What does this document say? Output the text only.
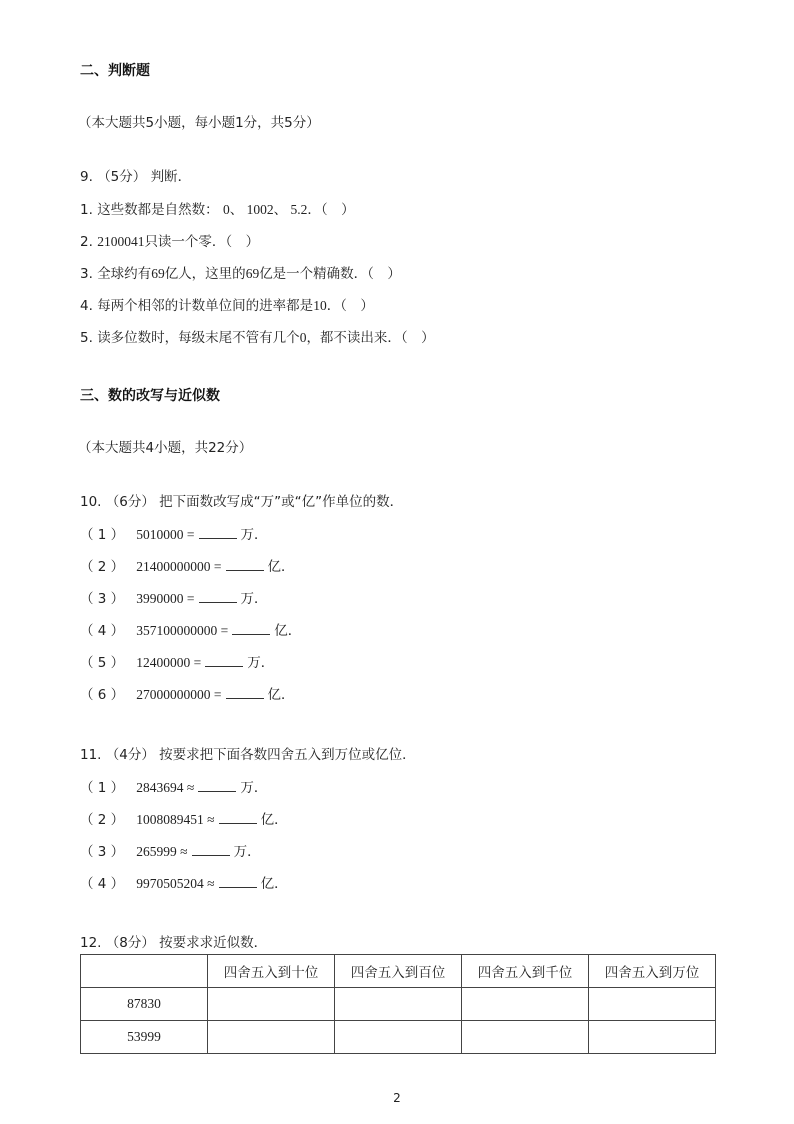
二、判断题
（本大题共5小题，每小题1分，共5分）
9. （5分） 判断．
1. 这些数都是自然数： 0、 1002、 5.2．（　）
2. 2100041只读一个零．（　）
3. 全球约有69亿人，这里的69亿是一个精确数．（　）
4. 每两个相邻的计数单位间的进率都是10．（　）
5. 读多位数时，每级末尾不管有几个0，都不读出来．（　）
三、数的改写与近似数
（本大题共4小题，共22分）
10. （6分） 把下面数改写成“万”或“亿”作单位的数．
（ 1 ） 5010000 =	万．
（ 2 ） 21400000000 =	亿．
（ 3 ） 3990000 =	万．
（ 4 ） 357100000000 =	亿．
（ 5 ） 12400000 =	万．
（ 6 ） 27000000000 =	亿．
11. （4分） 按要求把下面各数四舍五入到万位或亿位．
（ 1 ） 2843694 ≈	万．
（ 2 ） 1008089451 ≈	亿．
（ 3 ） 265999 ≈	万．
（ 4 ） 9970505204 ≈	亿．
12. （8分） 按要求求近似数．
	四舍五入到十位	四舍五入到百位	四舍五入到千位	四舍五入到万位
87830				
53999				
2
